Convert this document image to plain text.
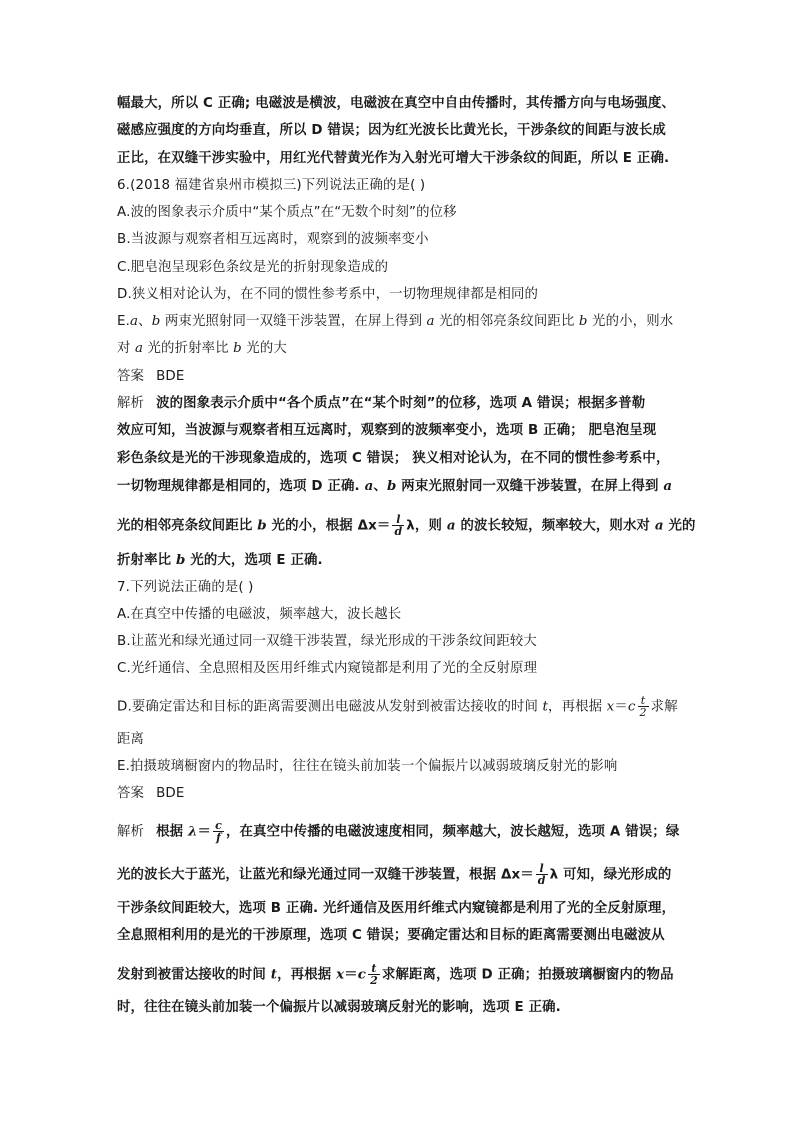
幅最大，所以 C 正确; 电磁波是横波，电磁波在真空中自由传播时，其传播方向与电场强度、
磁感应强度的方向均垂直，所以 D 错误；因为红光波长比黄光长，干涉条纹的间距与波长成
正比，在双缝干涉实验中，用红光代替黄光作为入射光可增大干涉条纹的间距，所以 E 正确.
6.(2018 福建省泉州市模拟三)下列说法正确的是( )
A.波的图象表示介质中“某个质点”在“无数个时刻”的位移
B.当波源与观察者相互远离时，观察到的波频率变小
C.肥皂泡呈现彩色条纹是光的折射现象造成的
D.狭义相对论认为，在不同的惯性参考系中，一切物理规律都是相同的
E.a、b 两束光照射同一双缝干涉装置，在屏上得到 a 光的相邻亮条纹间距比 b 光的小，则水
对 a 光的折射率比 b 光的大
答案 BDE
解析 波的图象表示介质中“各个质点”在“某个时刻”的位移，选项 A 错误；根据多普勒
效应可知，当波源与观察者相互远离时，观察到的波频率变小，选项 B 正确； 肥皂泡呈现
彩色条纹是光的干涉现象造成的，选项 C 错误； 狭义相对论认为，在不同的惯性参考系中，
一切物理规律都是相同的，选项 D 正确. a、b 两束光照射同一双缝干涉装置，在屏上得到 a
光的相邻亮条纹间距比 b 光的小，根据 $\Delta x= \frac{l}{d}$ λ，则 a 的波长较短，频率较大，则水对 a 光的
折射率比 b 光的大，选项 E 正确.
7.下列说法正确的是( )
A.在真空中传播的电磁波，频率越大，波长越长
B.让蓝光和绿光通过同一双缝干涉装置，绿光形成的干涉条纹间距较大
C.光纤通信、全息照相及医用纤维式内窥镜都是利用了光的全反射原理
D.要确定雷达和目标的距离需要测出电磁波从发射到被雷达接收的时间 t，再根据 $x=c \frac{t}{2}$ 求解
距离
E.拍摄玻璃橱窗内的物品时，往往在镜头前加装一个偏振片以减弱玻璃反射光的影响
答案 BDE
解析 根据 $\lambda= \frac{c}{f}$ ，在真空中传播的电磁波速度相同，频率越大，波长越短，选项 A 错误；绿
光的波长大于蓝光，让蓝光和绿光通过同一双缝干涉装置，根据 $\Delta x= \frac{l}{d}$ λ 可知，绿光形成的
干涉条纹间距较大，选项 B 正确. 光纤通信及医用纤维式内窥镜都是利用了光的全反射原理，
全息照相利用的是光的干涉原理，选项 C 错误；要确定雷达和目标的距离需要测出电磁波从
发射到被雷达接收的时间 t，再根据 $x=c \frac{t}{2}$ 求解距离，选项 D 正确；拍摄玻璃橱窗内的物品
时，往往在镜头前加装一个偏振片以减弱玻璃反射光的影响，选项 E 正确.
